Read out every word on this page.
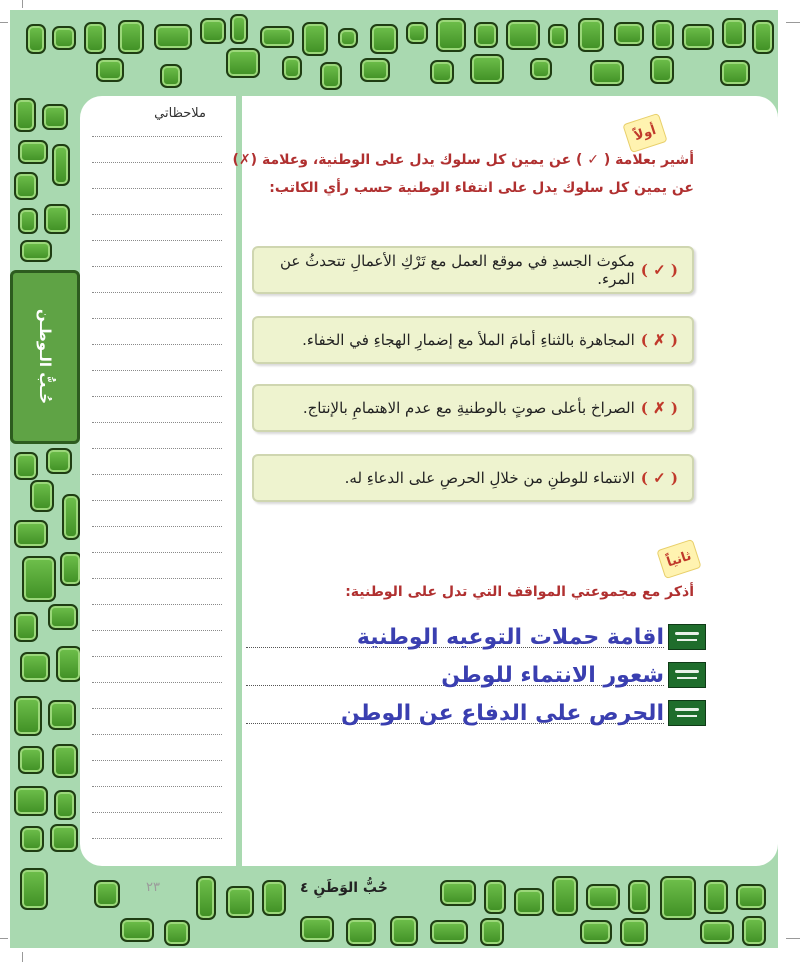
حُـبُّ الـوطـن
ملاحظاتي
أولاً
أشير بعلامة ( ✓ ) عن يمين كل سلوك يدل على الوطنية، وعلامة (✗)
عن يمين كل سلوك يدل على انتفاء الوطنية حسب رأي الكاتب:
( ✓ )
مكوث الجسدِ في موقع العمل مع تَرْكِ الأعمالِ تتحدثُ عن المرء.
( ✗ )
المجاهرة بالثناءِ أمامَ الملأ مع إضمارِ الهجاءِ في الخفاء.
( ✗ )
الصراخ بأعلى صوتٍ بالوطنيةِ مع عدم الاهتمامِ بالإنتاج.
( ✓ )
الانتماء للوطنِ من خلالِ الحرصِ على الدعاءِ له.
ثانياً
أذكر مع مجموعتي المواقف التي تدل على الوطنية:
اقامة حملات التوعيه الوطنية
شعور الانتماء للوطن
الحرص على الدفاع عن الوطن
حُبُّ الوَطَنِ ٤
٢٣
